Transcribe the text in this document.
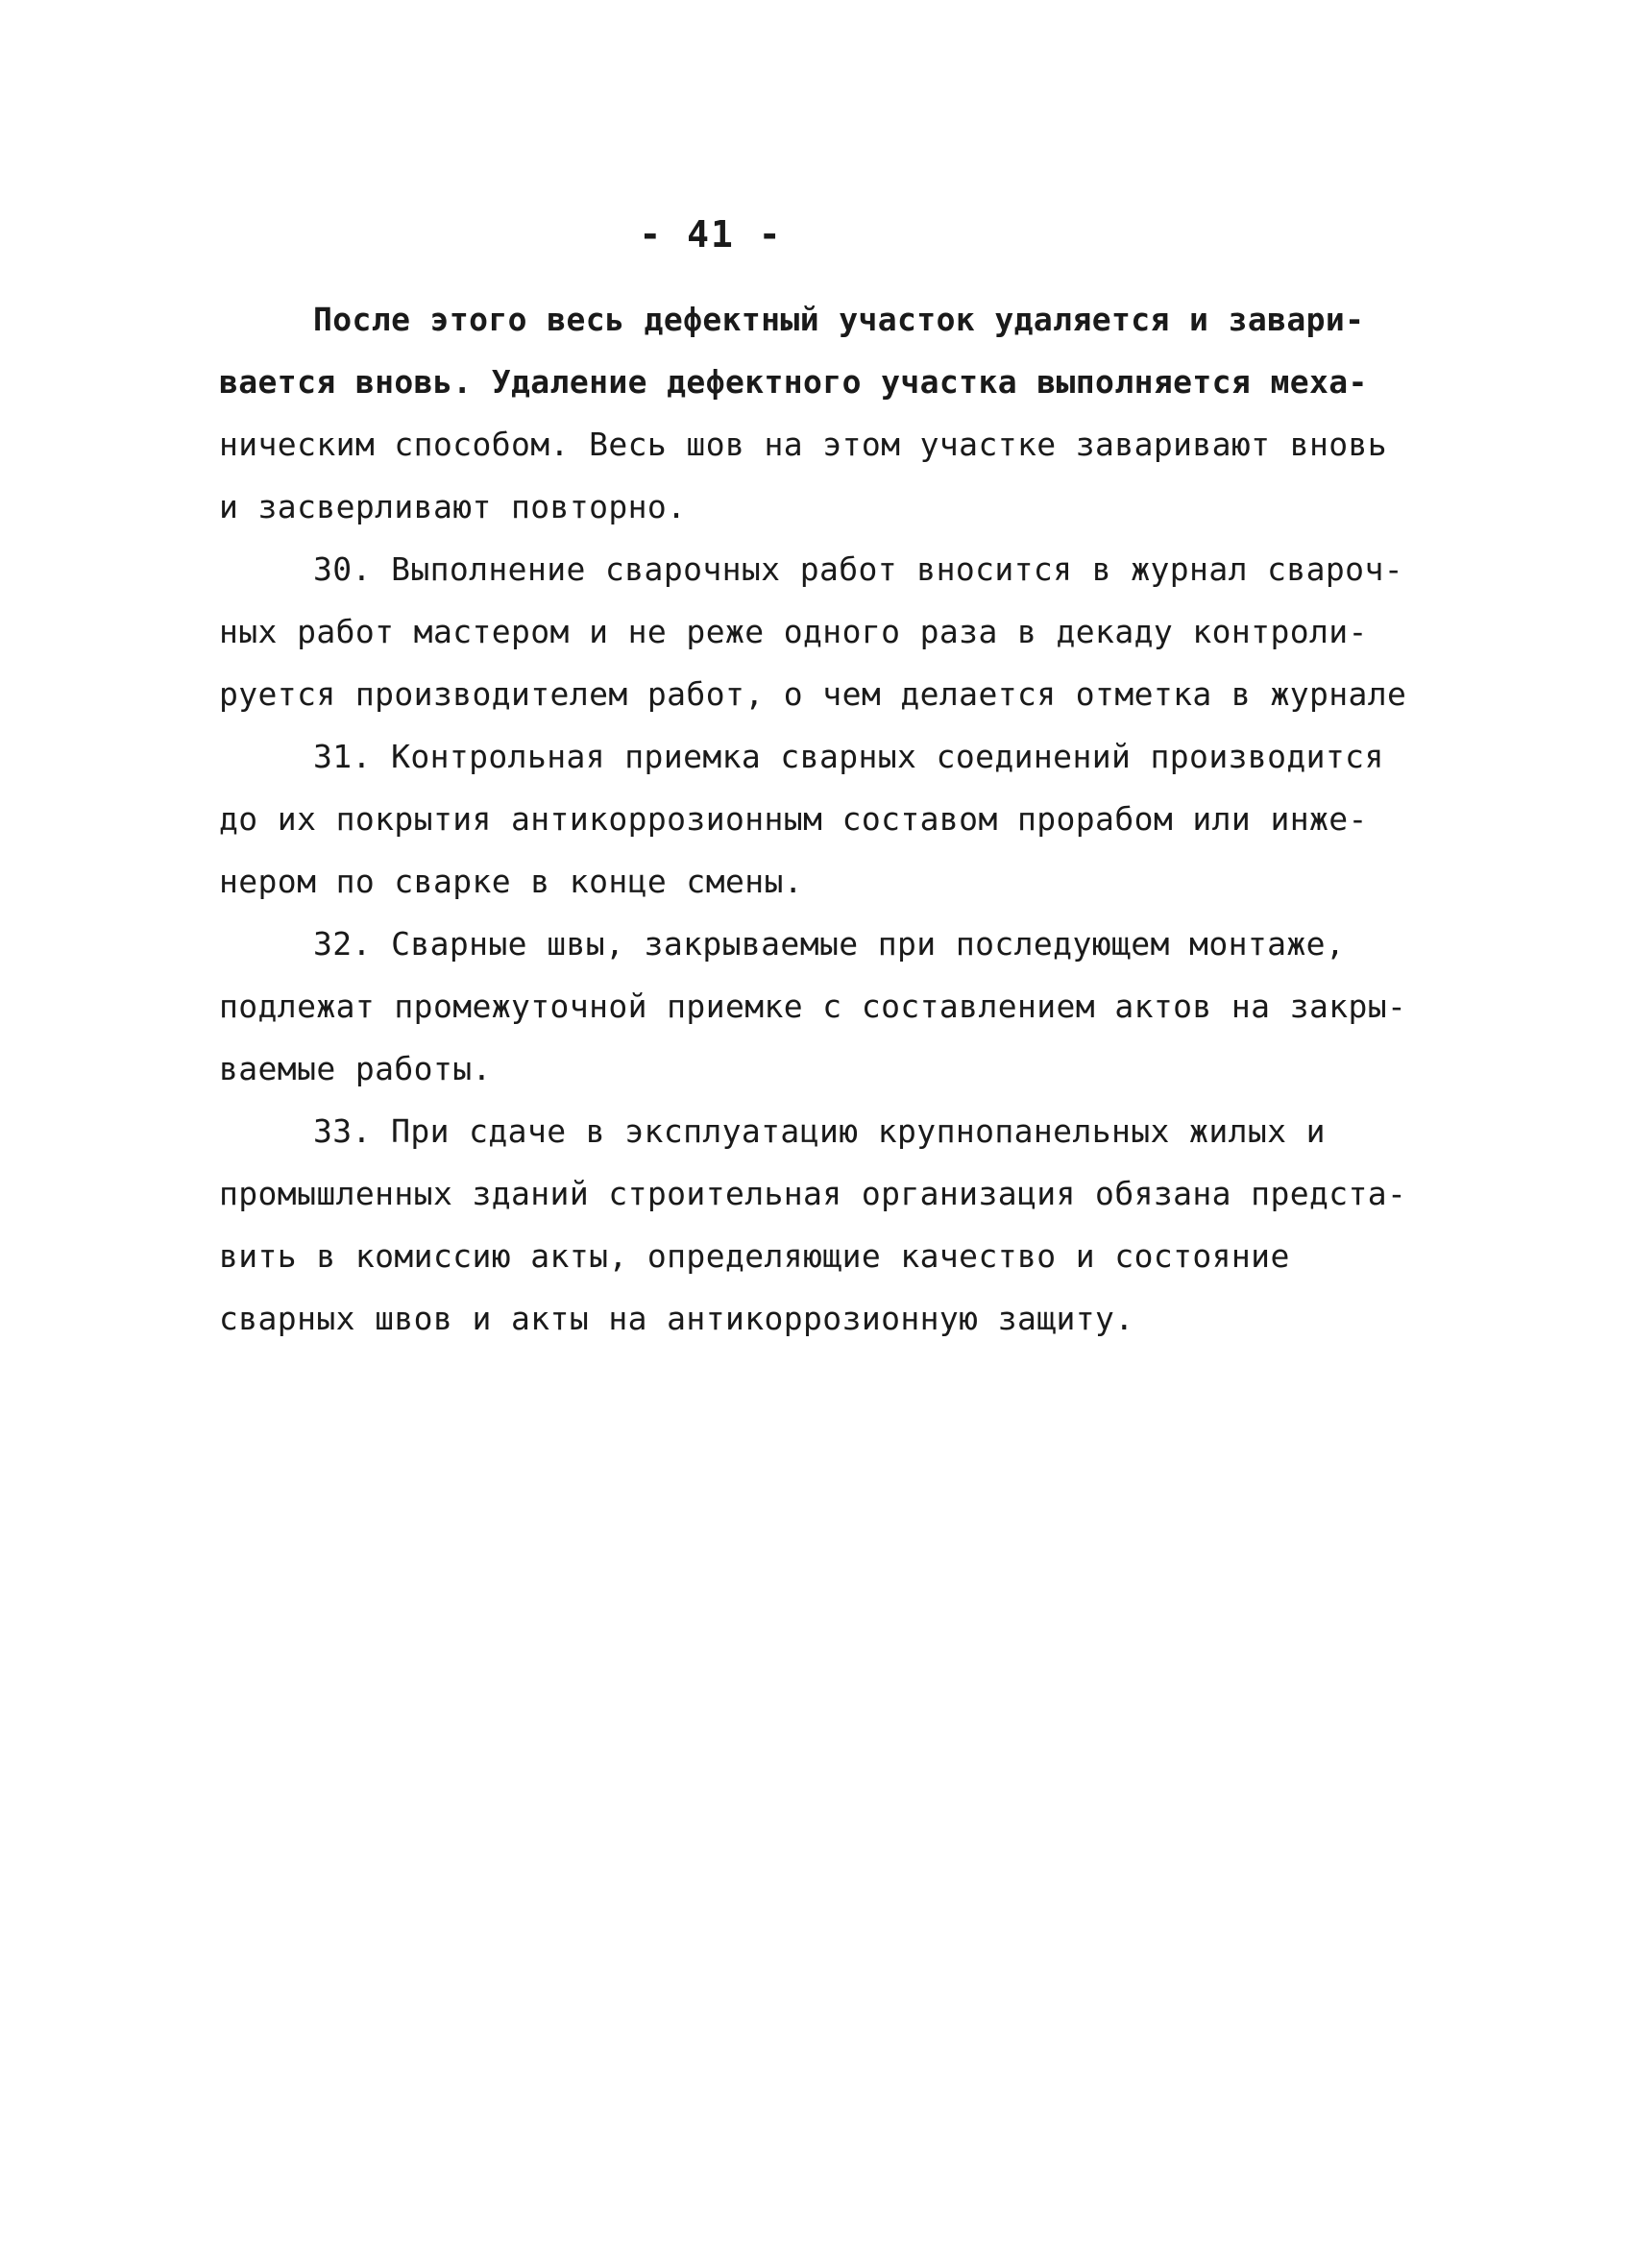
- 41 -
После этого весь дефектный участок удаляется и завари-
вается вновь. Удаление дефектного участка выполняется меха-
ническим способом. Весь шов на этом участке заваривают вновь
и засверливают повторно.
30. Выполнение сварочных работ вносится в журнал свароч-
ных работ мастером и не реже одного раза в декаду контроли-
руется производителем работ, о чем делается отметка в журнале
31. Контрольная приемка сварных соединений производится
до их покрытия антикоррозионным составом прорабом или инже-
нером по сварке в конце смены.
32. Сварные швы, закрываемые при последующем монтаже,
подлежат промежуточной приемке с составлением актов на закры-
ваемые работы.
33. При сдаче в эксплуатацию крупнопанельных жилых и
промышленных зданий строительная организация обязана предста-
вить в комиссию акты, определяющие качество и состояние
сварных швов и акты на антикоррозионную защиту.
